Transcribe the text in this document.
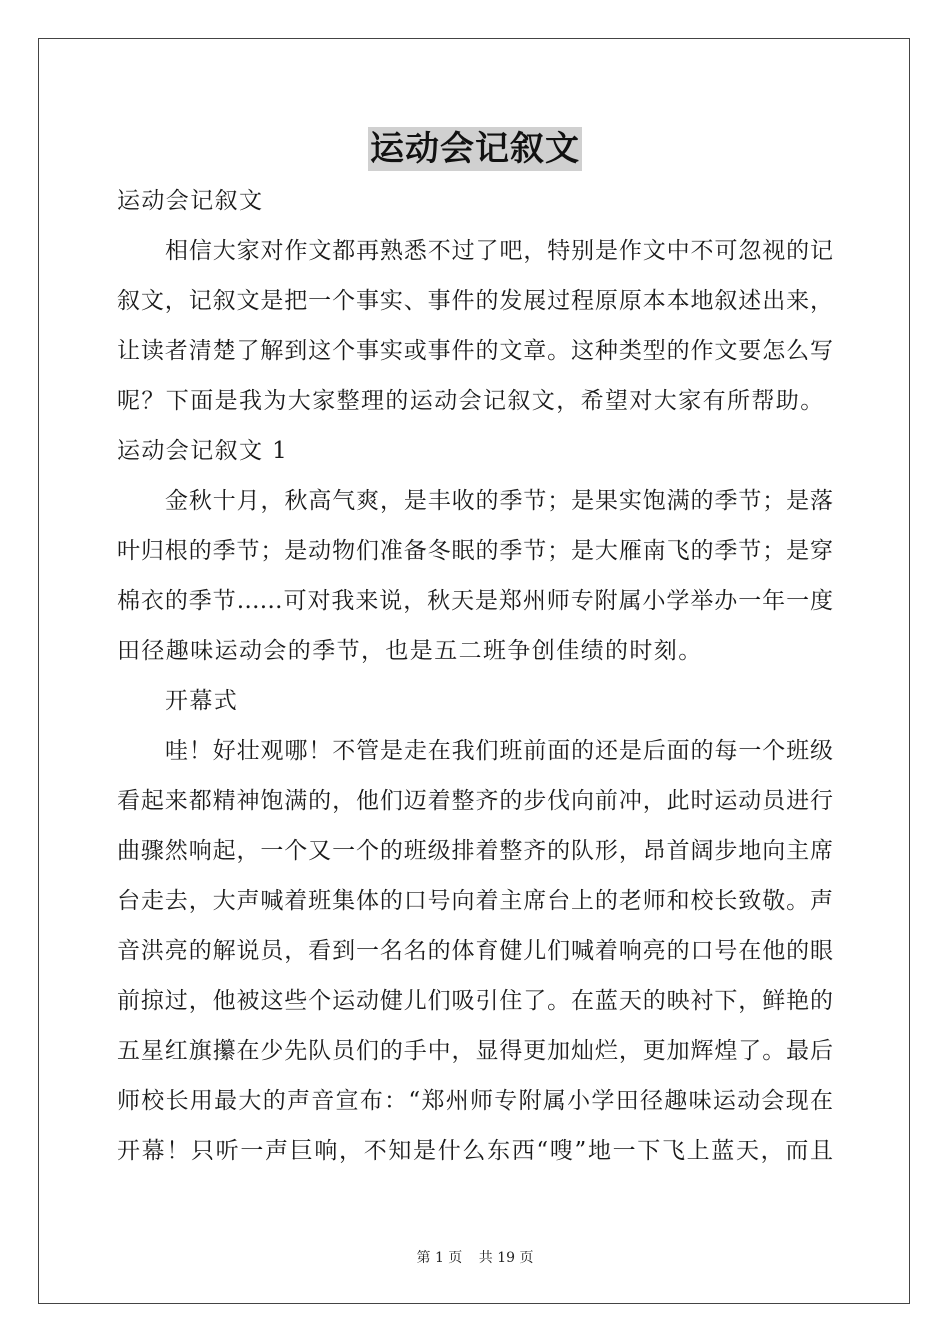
运动会记叙文
运动会记叙文
相信大家对作文都再熟悉不过了吧，特别是作文中不可忽视的记
叙文，记叙文是把一个事实、事件的发展过程原原本本地叙述出来，
让读者清楚了解到这个事实或事件的文章。这种类型的作文要怎么写
呢？下面是我为大家整理的运动会记叙文，希望对大家有所帮助。
运动会记叙文 1
金秋十月，秋高气爽，是丰收的季节；是果实饱满的季节；是落
叶归根的季节；是动物们准备冬眠的季节；是大雁南飞的季节；是穿
棉衣的季节……可对我来说，秋天是郑州师专附属小学举办一年一度
田径趣味运动会的季节，也是五二班争创佳绩的时刻。
开幕式
哇！好壮观哪！不管是走在我们班前面的还是后面的每一个班级
看起来都精神饱满的，他们迈着整齐的步伐向前冲，此时运动员进行
曲骤然响起，一个又一个的班级排着整齐的队形，昂首阔步地向主席
台走去，大声喊着班集体的口号向着主席台上的老师和校长致敬。声
音洪亮的解说员，看到一名名的体育健儿们喊着响亮的口号在他的眼
前掠过，他被这些个运动健儿们吸引住了。在蓝天的映衬下，鲜艳的
五星红旗攥在少先队员们的手中，显得更加灿烂，更加辉煌了。最后
师校长用最大的声音宣布：“郑州师专附属小学田径趣味运动会现在
开幕！只听一声巨响，不知是什么东西“嗖”地一下飞上蓝天，而且
第 1 页 共 19 页
